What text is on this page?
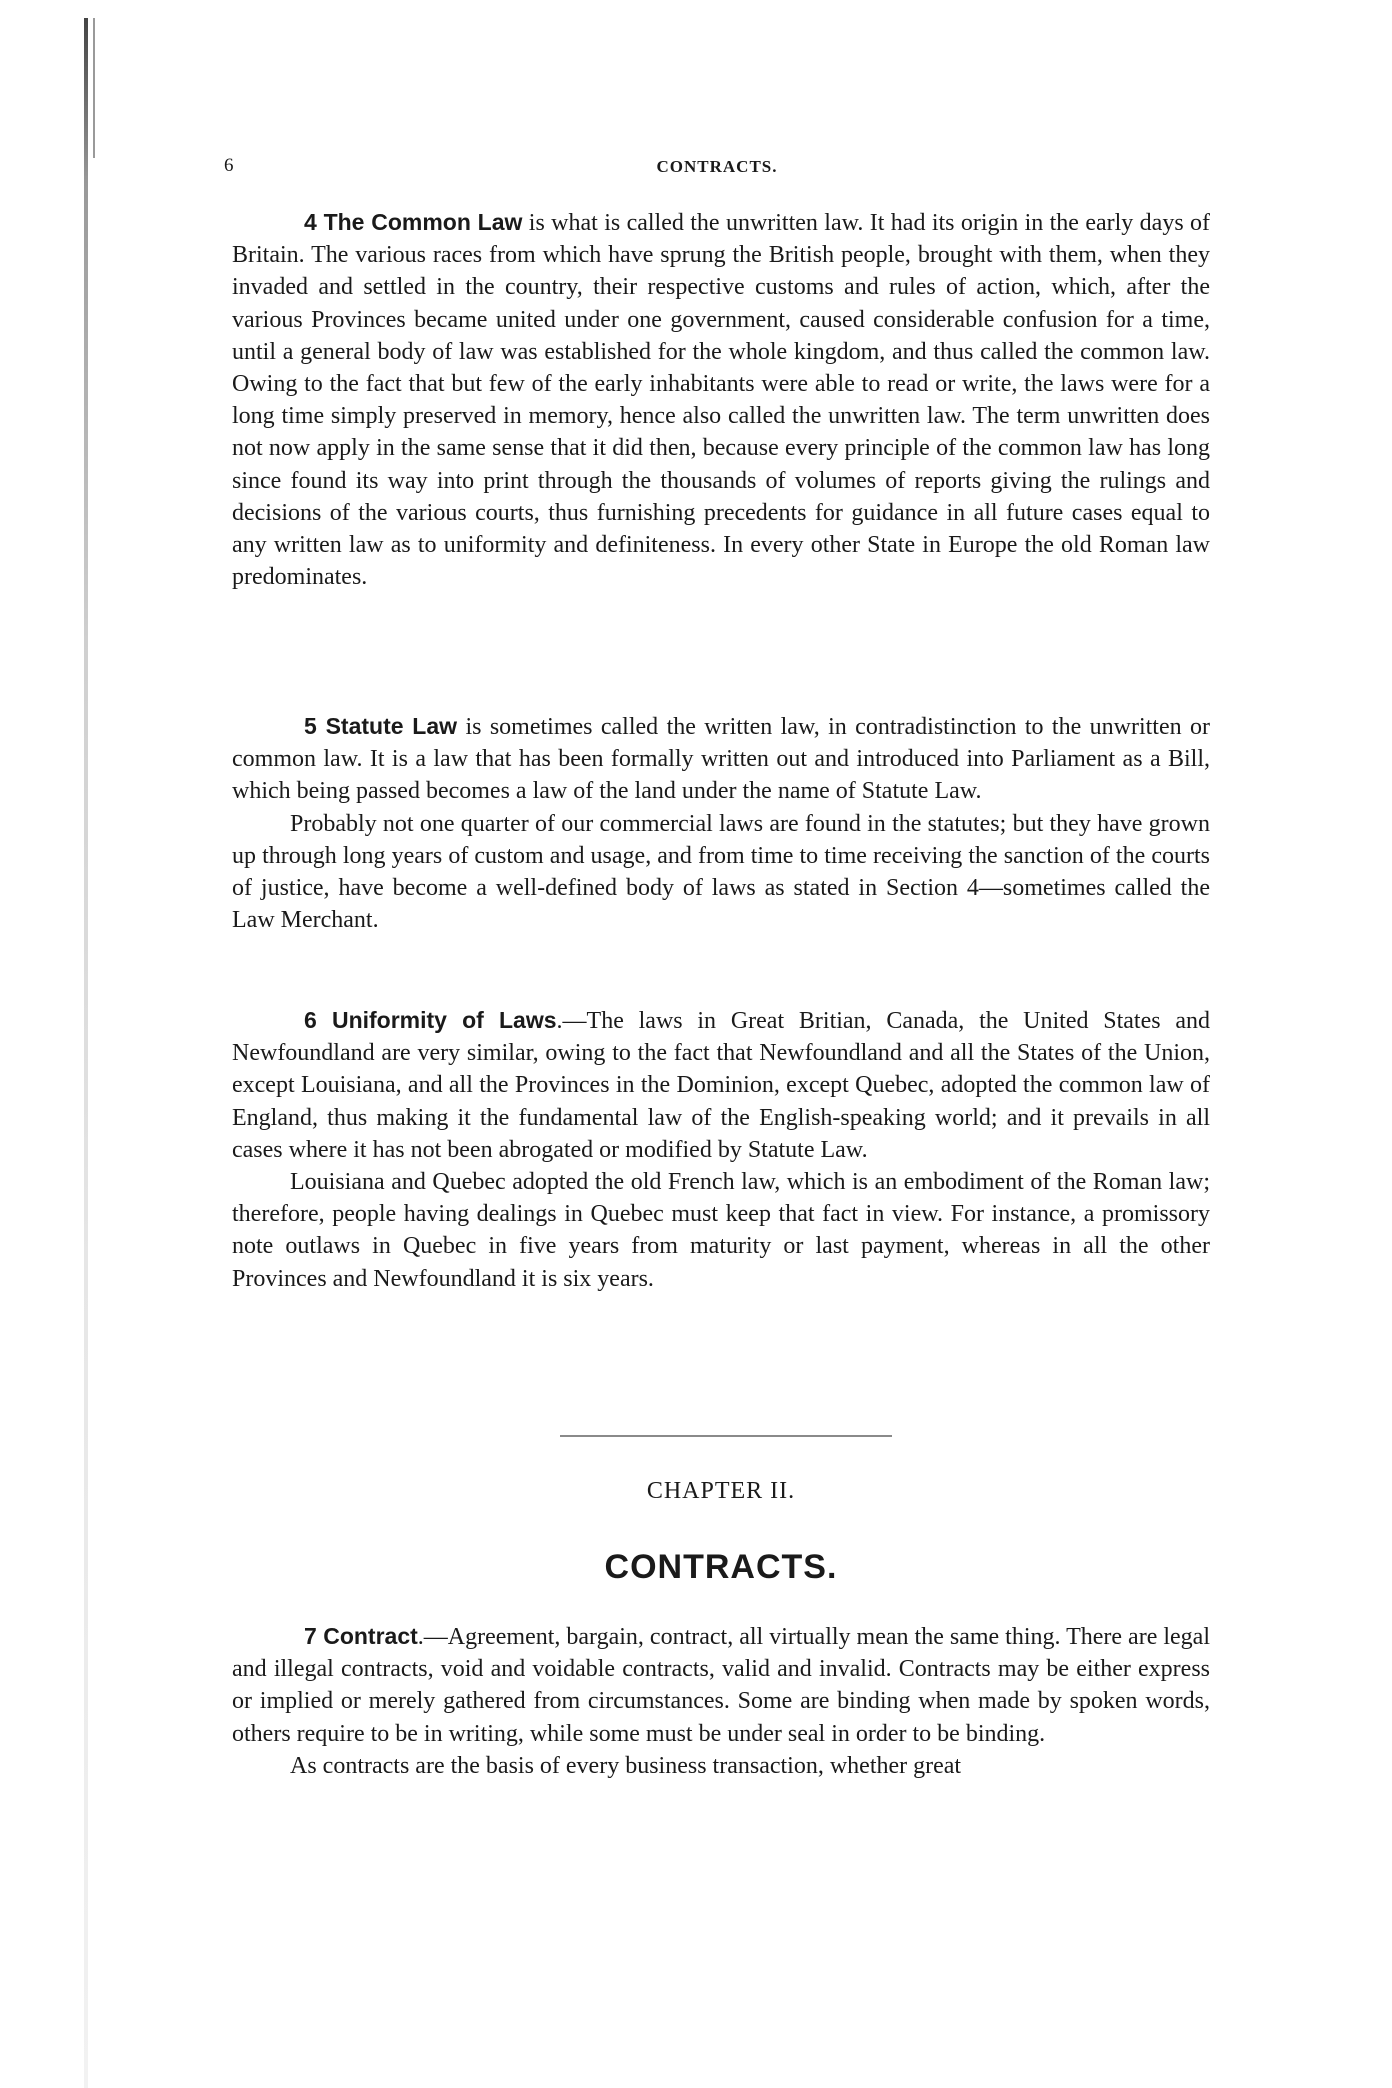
6	CONTRACTS.

4 The Common Law is what is called the unwritten law. It had its origin in the early days of Britain. The various races from which have sprung the British people, brought with them, when they invaded and settled in the country, their respective customs and rules of action, which, after the various Provinces became united under one government, caused considerable confusion for a time, until a general body of law was established for the whole kingdom, and thus called the common law. Owing to the fact that but few of the early inhabitants were able to read or write, the laws were for a long time simply preserved in memory, hence also called the unwritten law. The term unwritten does not now apply in the same sense that it did then, because every principle of the common law has long since found its way into print through the thousands of volumes of reports giving the rulings and decisions of the various courts, thus furnishing precedents for guidance in all future cases equal to any written law as to uniformity and definiteness. In every other State in Europe the old Roman law predominates.

5 Statute Law is sometimes called the written law, in contradistinction to the unwritten or common law. It is a law that has been formally written out and introduced into Parliament as a Bill, which being passed becomes a law of the land under the name of Statute Law.

Probably not one quarter of our commercial laws are found in the statutes; but they have grown up through long years of custom and usage, and from time to time receiving the sanction of the courts of justice, have become a well-defined body of laws as stated in Section 4—sometimes called the Law Merchant.

6 Uniformity of Laws.—The laws in Great Britian, Canada, the United States and Newfoundland are very similar, owing to the fact that Newfoundland and all the States of the Union, except Louisiana, and all the Provinces in the Dominion, except Quebec, adopted the common law of England, thus making it the fundamental law of the English-speaking world; and it prevails in all cases where it has not been abrogated or modified by Statute Law.

Louisiana and Quebec adopted the old French law, which is an embodiment of the Roman law; therefore, people having dealings in Quebec must keep that fact in view. For instance, a promissory note outlaws in Quebec in five years from maturity or last payment, whereas in all the other Provinces and Newfoundland it is six years.

CHAPTER II.
CONTRACTS.

7 Contract.—Agreement, bargain, contract, all virtually mean the same thing. There are legal and illegal contracts, void and voidable contracts, valid and invalid. Contracts may be either express or implied or merely gathered from circumstances. Some are binding when made by spoken words, others require to be in writing, while some must be under seal in order to be binding.

As contracts are the basis of every business transaction, whether great
